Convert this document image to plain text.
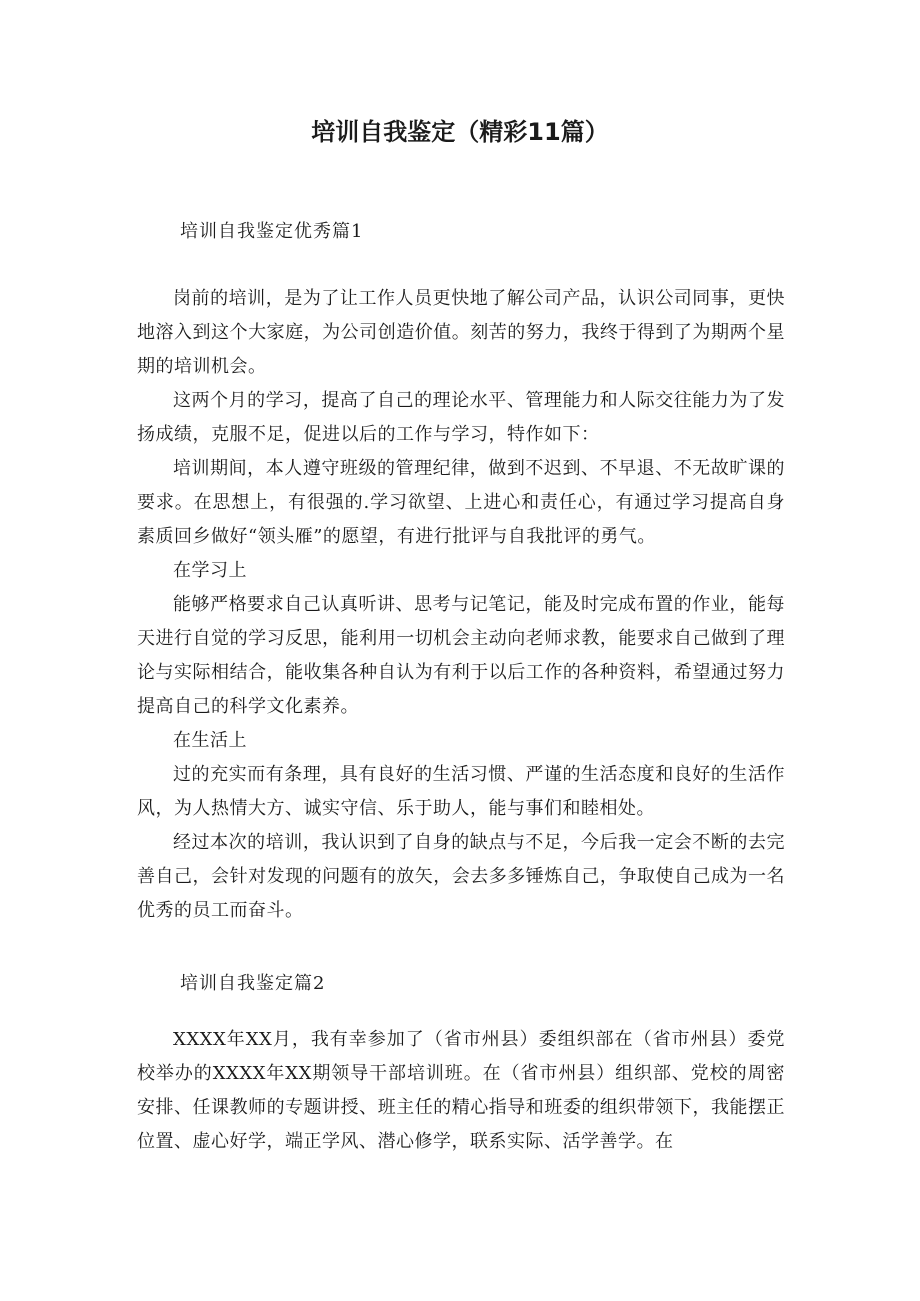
培训自我鉴定（精彩11篇）
培训自我鉴定优秀篇1

岗前的培训，是为了让工作人员更快地了解公司产品，认识公司同事，更快地溶入到这个大家庭，为公司创造价值。刻苦的努力，我终于得到了为期两个星期的培训机会。

这两个月的学习，提高了自己的理论水平、管理能力和人际交往能力为了发扬成绩，克服不足，促进以后的工作与学习，特作如下：

培训期间，本人遵守班级的管理纪律，做到不迟到、不早退、不无故旷课的要求。在思想上，有很强的.学习欲望、上进心和责任心，有通过学习提高自身素质回乡做好“领头雁”的愿望，有进行批评与自我批评的勇气。

在学习上

能够严格要求自己认真听讲、思考与记笔记，能及时完成布置的作业，能每天进行自觉的学习反思，能利用一切机会主动向老师求教，能要求自己做到了理论与实际相结合，能收集各种自认为有利于以后工作的各种资料，希望通过努力提高自己的科学文化素养。

在生活上

过的充实而有条理，具有良好的生活习惯、严谨的生活态度和良好的生活作风，为人热情大方、诚实守信、乐于助人，能与事们和睦相处。

经过本次的培训，我认识到了自身的缺点与不足，今后我一定会不断的去完善自己，会针对发现的问题有的放矢，会去多多锤炼自己，争取使自己成为一名优秀的员工而奋斗。

培训自我鉴定篇2

XXXX年XX月，我有幸参加了（省市州县）委组织部在（省市州县）委党校举办的XXXX年XX期领导干部培训班。在（省市州县）组织部、党校的周密安排、任课教师的专题讲授、班主任的精心指导和班委的组织带领下，我能摆正位置、虚心好学，端正学风、潜心修学，联系实际、活学善学。在
